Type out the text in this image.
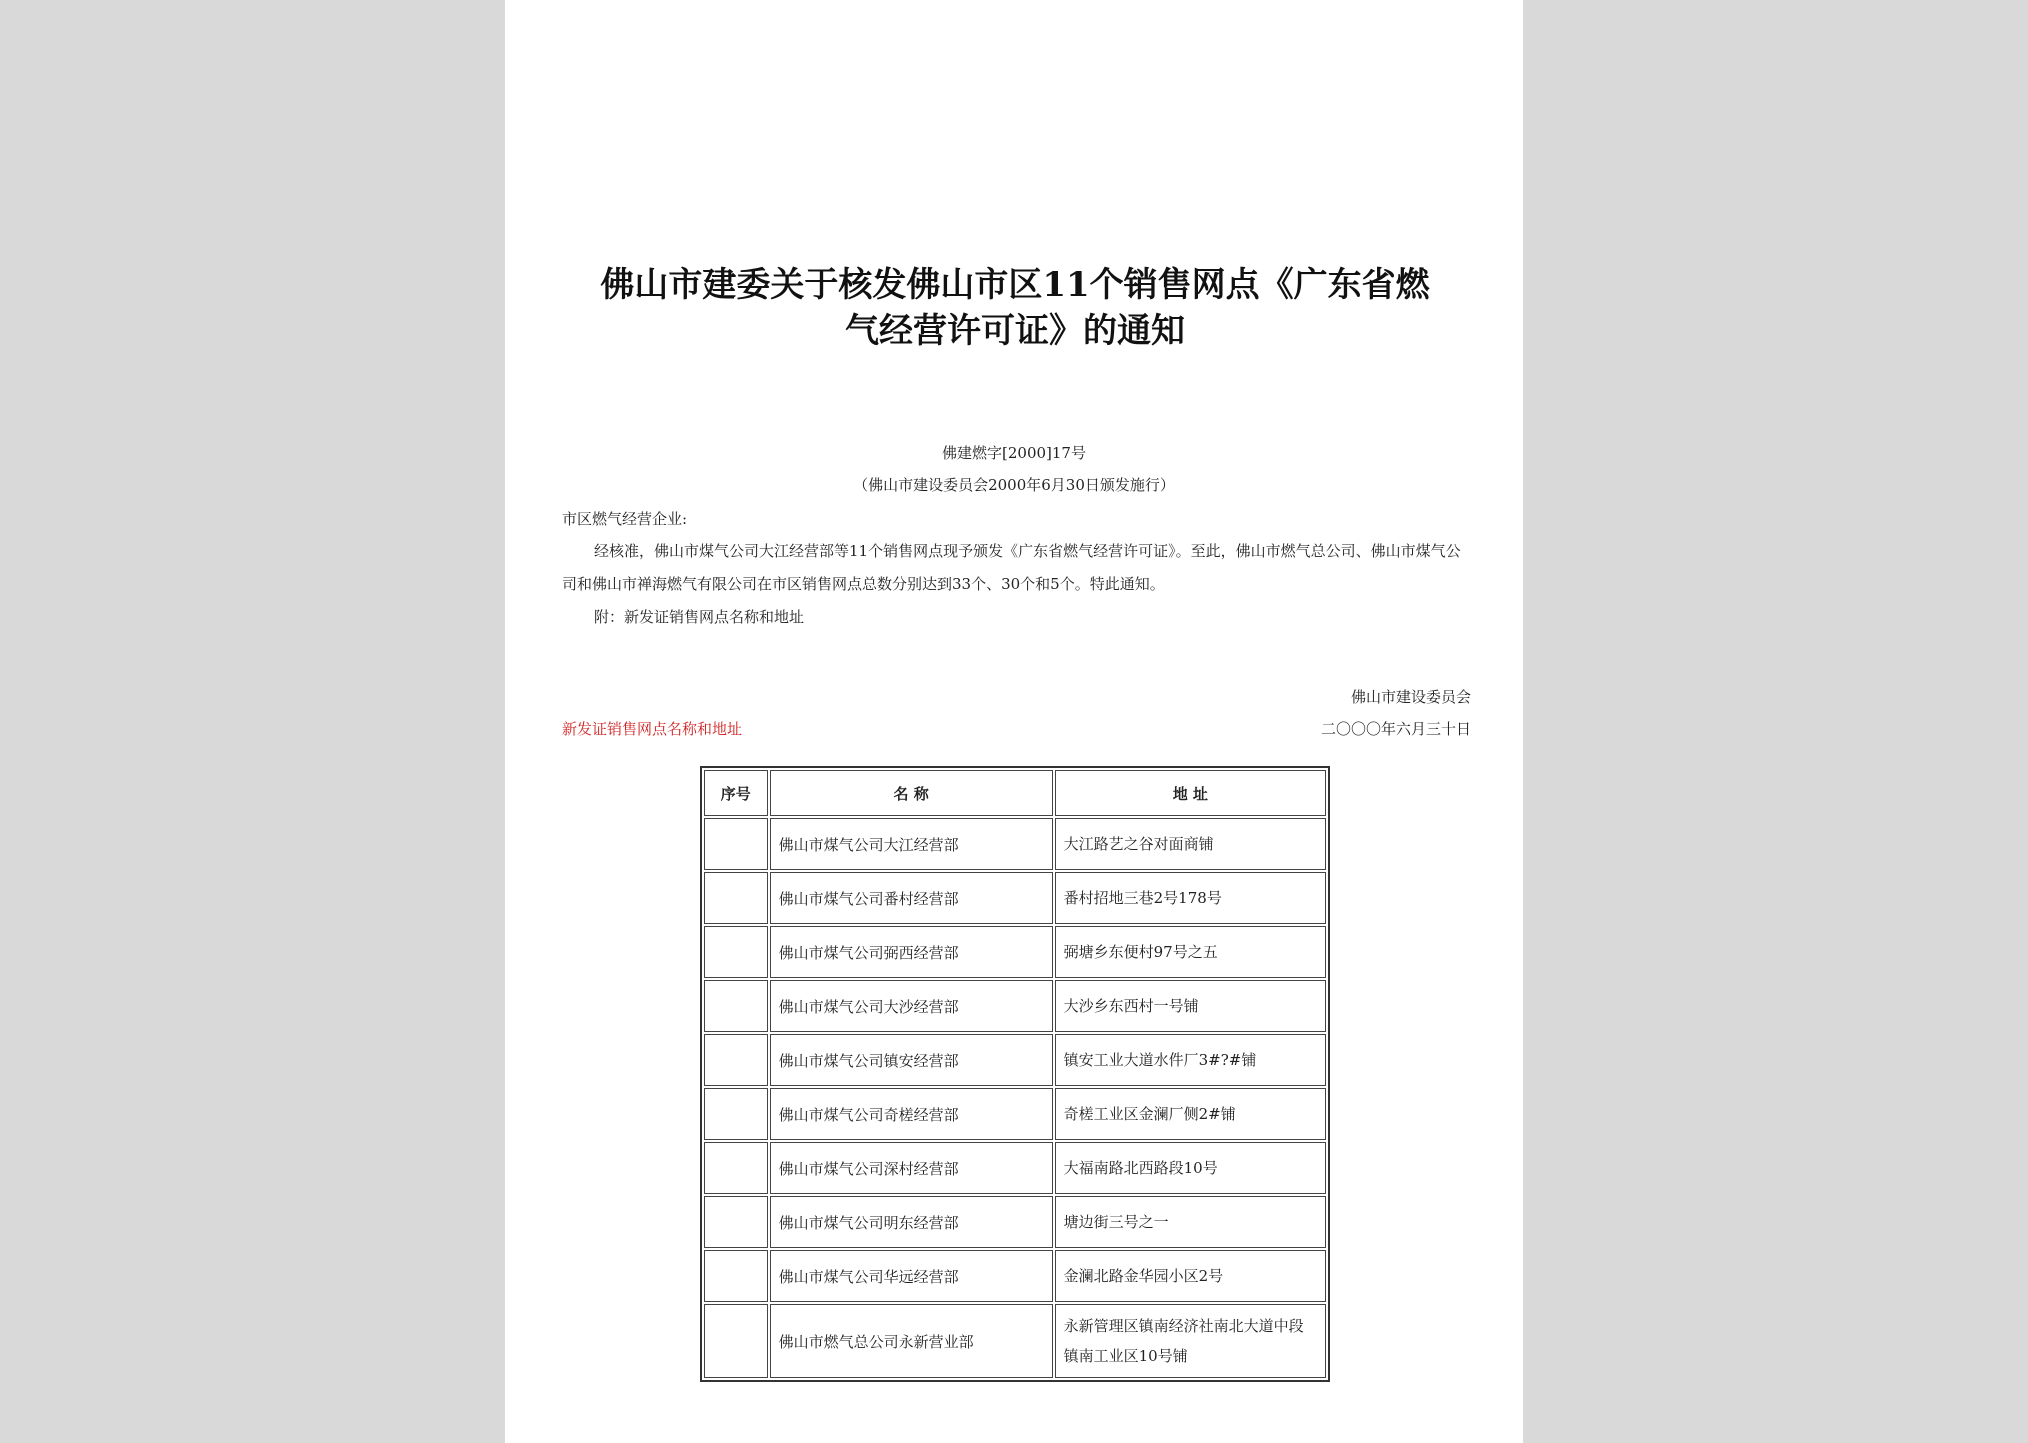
佛山市建委关于核发佛山市区11个销售网点《广东省燃
气经营许可证》的通知
佛建燃字[2000]17号
（佛山市建设委员会2000年6月30日颁发施行）
市区燃气经营企业:
经核准，佛山市煤气公司大江经营部等11个销售网点现予颁发《广东省燃气经营许可证》。至此，佛山市燃气总公司、佛山市煤气公司和佛山市禅海燃气有限公司在市区销售网点总数分别达到33个、30个和5个。特此通知。
附：新发证销售网点名称和地址
佛山市建设委员会
新发证销售网点名称和地址	二〇〇〇年六月三十日
序号	名 称	地 址
	佛山市煤气公司大江经营部	大江路艺之谷对面商铺
	佛山市煤气公司番村经营部	番村招地三巷2号178号
	佛山市煤气公司弼西经营部	弼塘乡东便村97号之五
	佛山市煤气公司大沙经营部	大沙乡东西村一号铺
	佛山市煤气公司镇安经营部	镇安工业大道水件厂3#?#铺
	佛山市煤气公司奇槎经营部	奇槎工业区金澜厂侧2#铺
	佛山市煤气公司深村经营部	大福南路北西路段10号
	佛山市煤气公司明东经营部	塘边街三号之一
	佛山市煤气公司华远经营部	金澜北路金华园小区2号
	佛山市燃气总公司永新营业部	永新管理区镇南经济社南北大道中段镇南工业区10号铺
